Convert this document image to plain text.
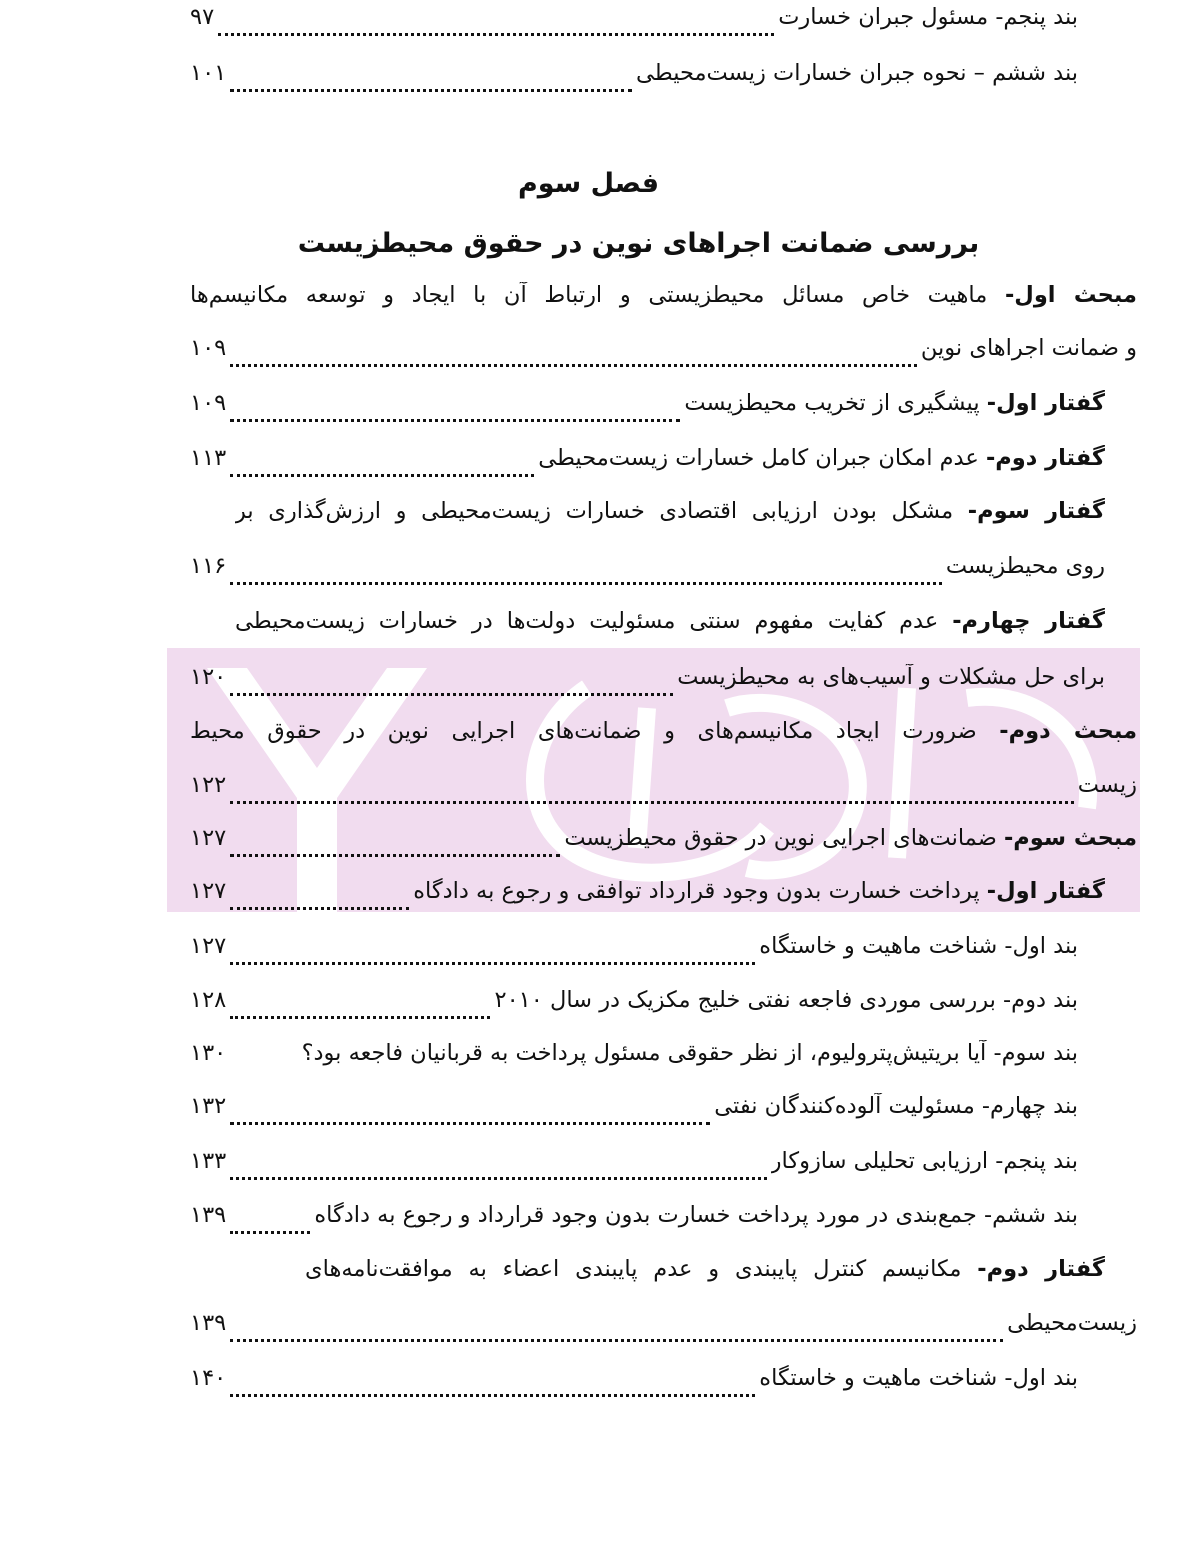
فصل سوم
بررسی ضمانت اجراهای نوین در حقوق محیطزیست
بند پنجم- مسئول جبران خسارت
۹۷
بند ششم – نحوه جبران خسارات زیست‌محیطی
۱۰۱
مبحث اول- ماهیت خاص مسائل محیطزیستی و ارتباط آن با ایجاد و توسعه مکانیسم‌ها
و ضمانت اجراهای نوین
۱۰۹
گفتار اول- پیشگیری از تخریب محیطزیست
۱۰۹
گفتار دوم- عدم امکان جبران کامل خسارات زیست‌محیطی
۱۱۳
گفتار سوم- مشکل بودن ارزیابی اقتصادی خسارات زیست‌محیطی و ارزش‌گذاری بر
روی محیطزیست
۱۱۶
گفتار چهارم- عدم کفایت مفهوم سنتی مسئولیت دولت‌ها در خسارات زیست‌محیطی
برای حل مشکلات و آسیب‌های به محیطزیست
۱۲۰
مبحث دوم- ضرورت ایجاد مکانیسم‌های و ضمانت‌های اجرایی نوین در حقوق محیط
زیست
۱۲۲
مبحث سوم- ضمانت‌های اجرایی نوین در حقوق محیطزیست
۱۲۷
گفتار اول- پرداخت خسارت بدون وجود قرارداد توافقی و رجوع به دادگاه
۱۲۷
بند اول- شناخت ماهیت و خاستگاه
۱۲۷
بند دوم- بررسی موردی فاجعه نفتی خلیج مکزیک در سال ۲۰۱۰
۱۲۸
بند سوم- آیا بریتیش‌پترولیوم، از نظر حقوقی مسئول پرداخت به قربانیان فاجعه بود؟
۱۳۰
بند چهارم- مسئولیت آلوده‌کنندگان نفتی
۱۳۲
بند پنجم- ارزیابی تحلیلی سازوکار
۱۳۳
بند ششم- جمع‌بندی در مورد پرداخت خسارت بدون وجود قرارداد و رجوع به دادگاه
۱۳۹
گفتار دوم- مکانیسم کنترل پایبندی و عدم پایبندی اعضاء به موافقت‌نامه‌های
زیست‌محیطی
۱۳۹
بند اول- شناخت ماهیت و خاستگاه
۱۴۰
